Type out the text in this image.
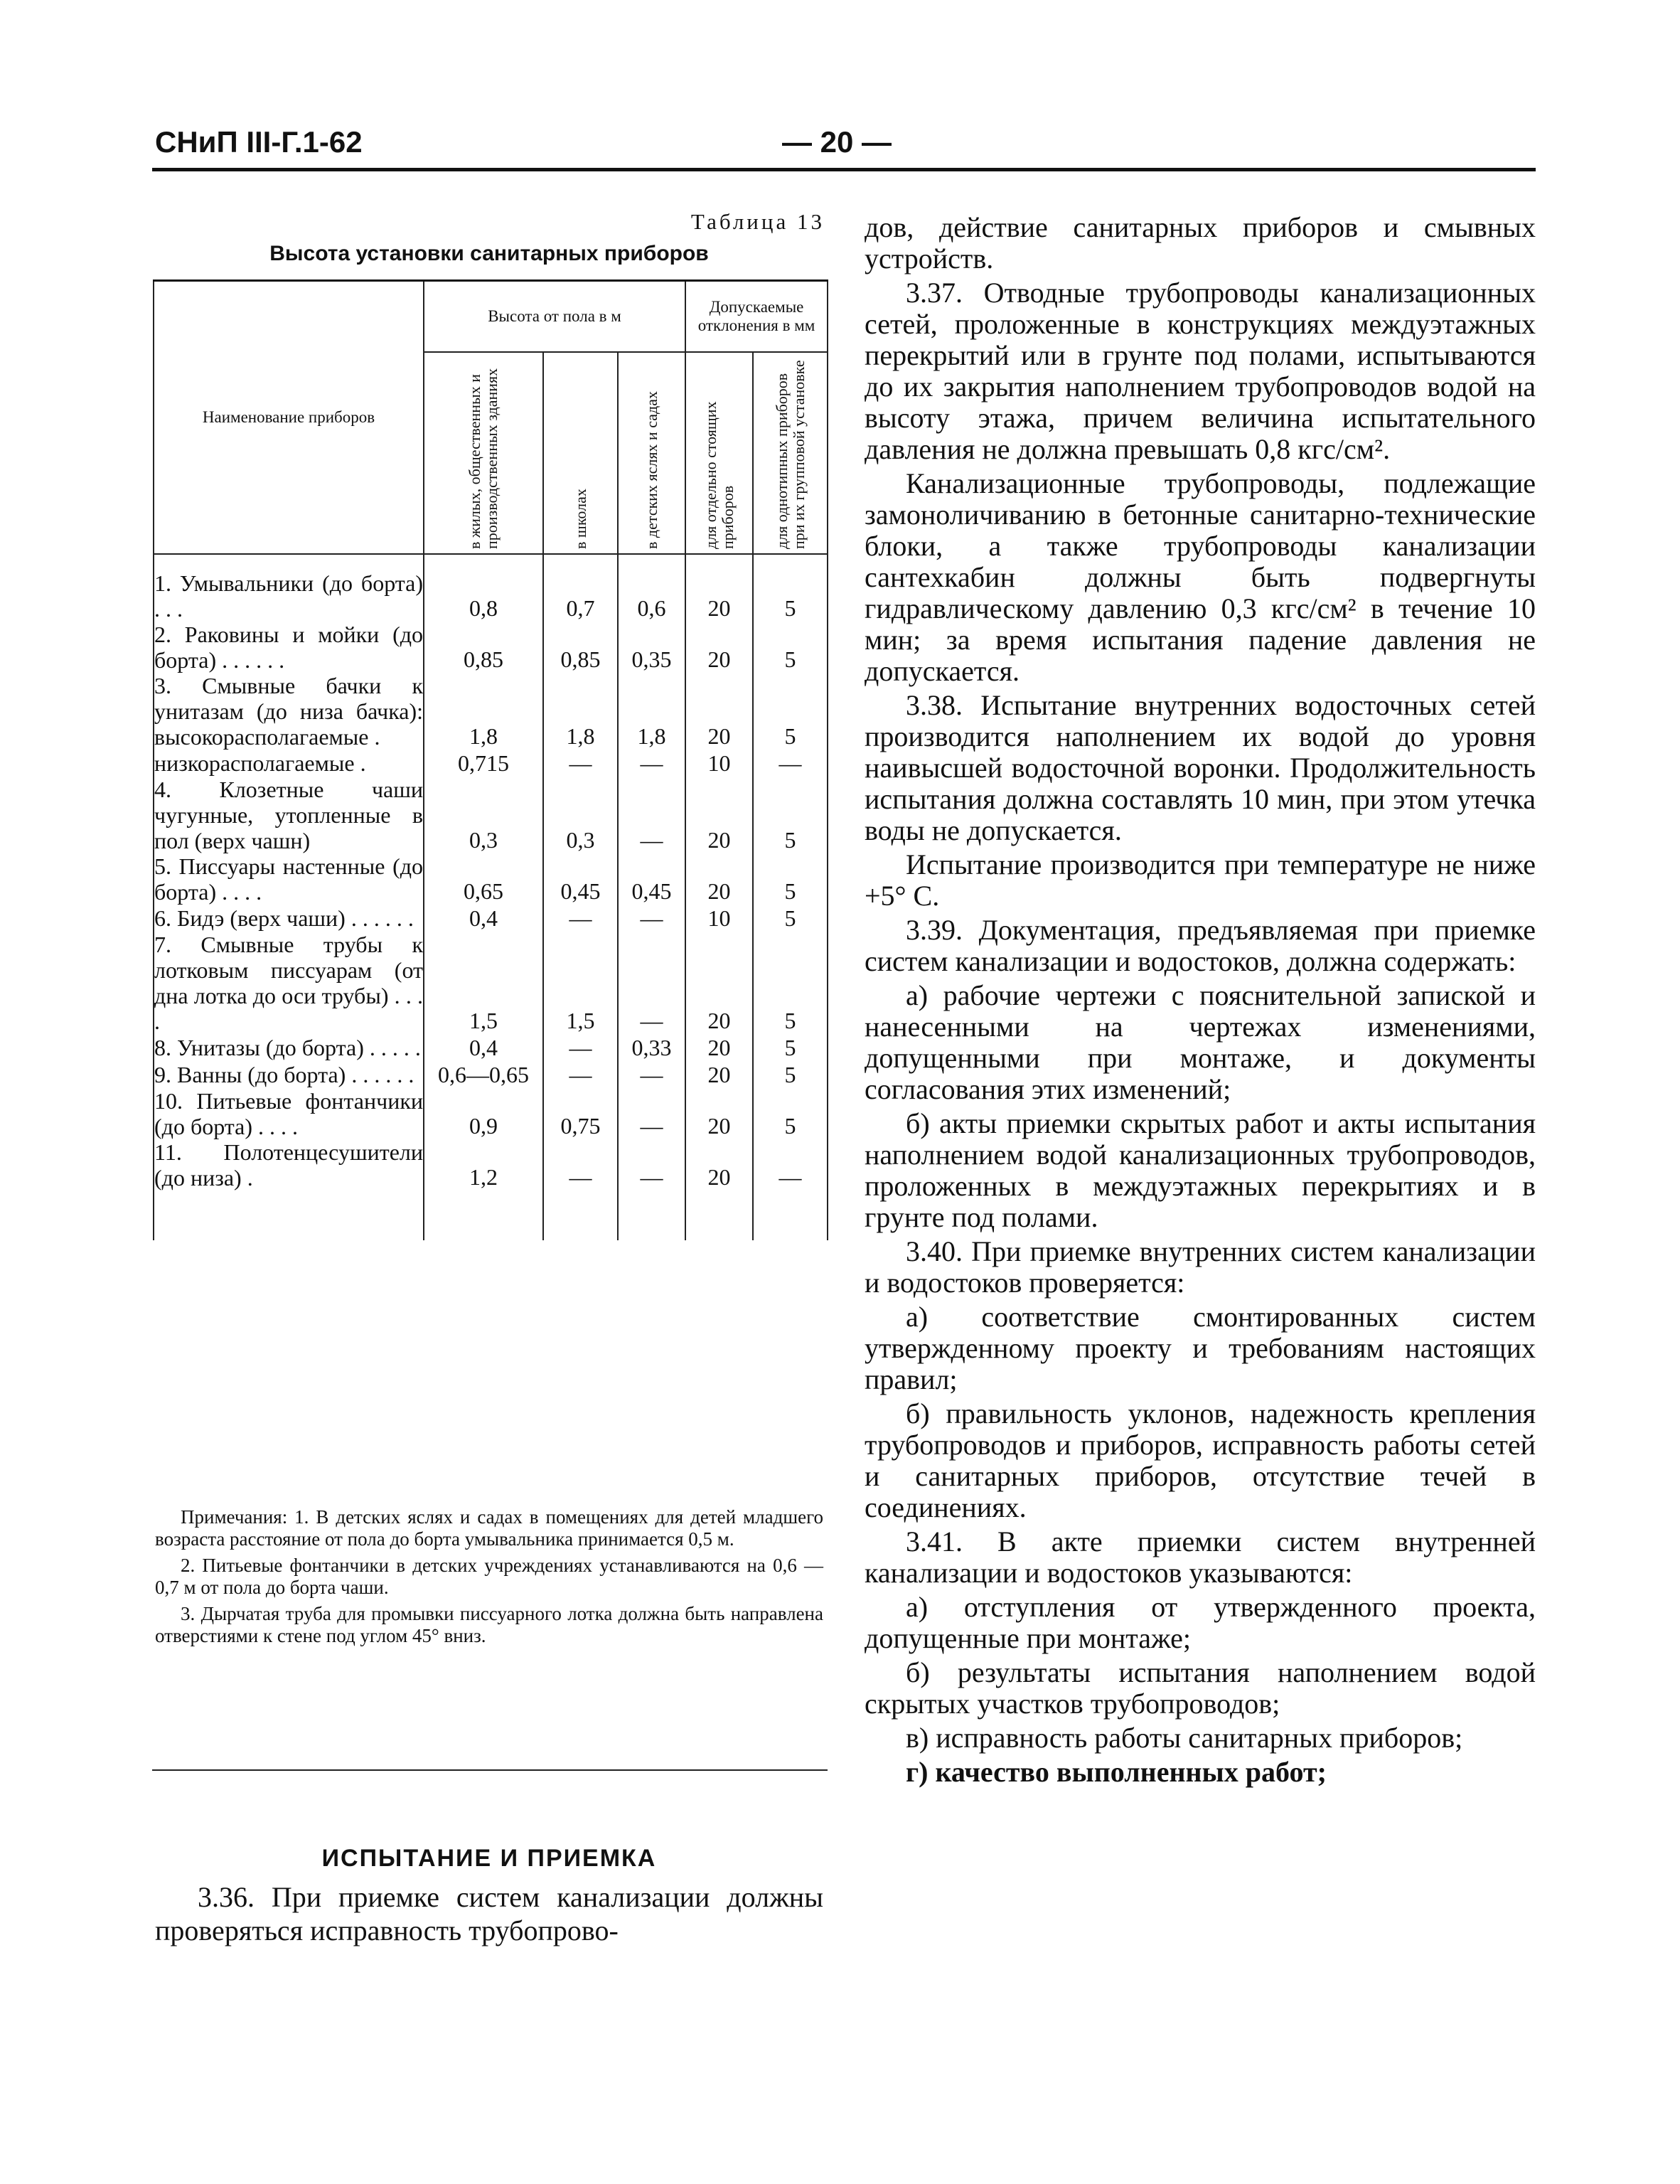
СНиП III-Г.1-62	— 20 —
Таблица 13
Высота установки санитарных приборов
Наименование приборов	Высота от пола в м			Допускаемые отклонения в мм	

	в жилых, общественных и производственных зданиях	в школах	в детских яслях и садах	для отдельно стоящих приборов	для однотипных приборов при их групповой установке

1. Умывальники (до борта) . . .	0,8	0,7	0,6	20	5
2. Раковины и мойки (до борта) . . . . . .	0,85	0,85	0,35	20	5
3. Смывные бачки к унитазам (до низа бачка): высокорасполагаемые .	1,8	1,8	1,8	20	5
низкорасполагаемые .	0,715	—	—	10	—
4. Клозетные чаши чугунные, утопленные в пол (верх чашн)	0,3	0,3	—	20	5
5. Писсуары настенные (до борта) . . . .	0,65	0,45	0,45	20	5
6. Бидэ (верх чаши) . . . . . .	0,4	—	—	10	5
7. Смывные трубы к лотковым писсуарам (от дна лотка до оси трубы) . . . .	1,5	1,5	—	20	5
8. Унитазы (до борта) . . . . .	0,4	—	0,33	20	5
9. Ванны (до борта) . . . . . .	0,6—0,65	—	—	20	5
10. Питьевые фонтанчики (до борта) . . . .	0,9	0,75	—	20	5
11. Полотенцесушители (до низа) .	1,2	—	—	20	—

Примечания: 1. В детских яслях и садах в помещениях для детей младшего возраста расстояние от пола до борта умывальника принимается 0,5 м.

2. Питьевые фонтанчики в детских учреждениях устанавливаются на 0,6 — 0,7 м от пола до борта чаши.

3. Дырчатая труба для промывки писсуарного лотка должна быть направлена отверстиями к стене под углом 45° вниз.

ИСПЫТАНИЕ И ПРИЕМКА

3.36. При приемке систем канализации должны проверяться исправность трубопрово-

дов, действие санитарных приборов и смывных устройств.

3.37. Отводные трубопроводы канализационных сетей, проложенные в конструкциях междуэтажных перекрытий или в грунте под полами, испытываются до их закрытия наполнением трубопроводов водой на высоту этажа, причем величина испытательного давления не должна превышать 0,8 кгс/см².

Канализационные трубопроводы, подлежащие замоноличиванию в бетонные санитарно-технические блоки, а также трубопроводы канализации сантехкабин должны быть подвергнуты гидравлическому давлению 0,3 кгс/см² в течение 10 мин; за время испытания падение давления не допускается.

3.38. Испытание внутренних водосточных сетей производится наполнением их водой до уровня наивысшей водосточной воронки. Продолжительность испытания должна составлять 10 мин, при этом утечка воды не допускается.

Испытание производится при температуре не ниже +5° С.

3.39. Документация, предъявляемая при приемке систем канализации и водостоков, должна содержать:

а) рабочие чертежи с пояснительной запиской и нанесенными на чертежах изменениями, допущенными при монтаже, и документы согласования этих изменений;

б) акты приемки скрытых работ и акты испытания наполнением водой канализационных трубопроводов, проложенных в междуэтажных перекрытиях и в грунте под полами.

3.40. При приемке внутренних систем канализации и водостоков проверяется:

а) соответствие смонтированных систем утвержденному проекту и требованиям настоящих правил;

б) правильность уклонов, надежность крепления трубопроводов и приборов, исправность работы сетей и санитарных приборов, отсутствие течей в соединениях.

3.41. В акте приемки систем внутренней канализации и водостоков указываются:

а) отступления от утвержденного проекта, допущенные при монтаже;

б) результаты испытания наполнением водой скрытых участков трубопроводов;

в) исправность работы санитарных приборов;

г) качество выполненных работ;
